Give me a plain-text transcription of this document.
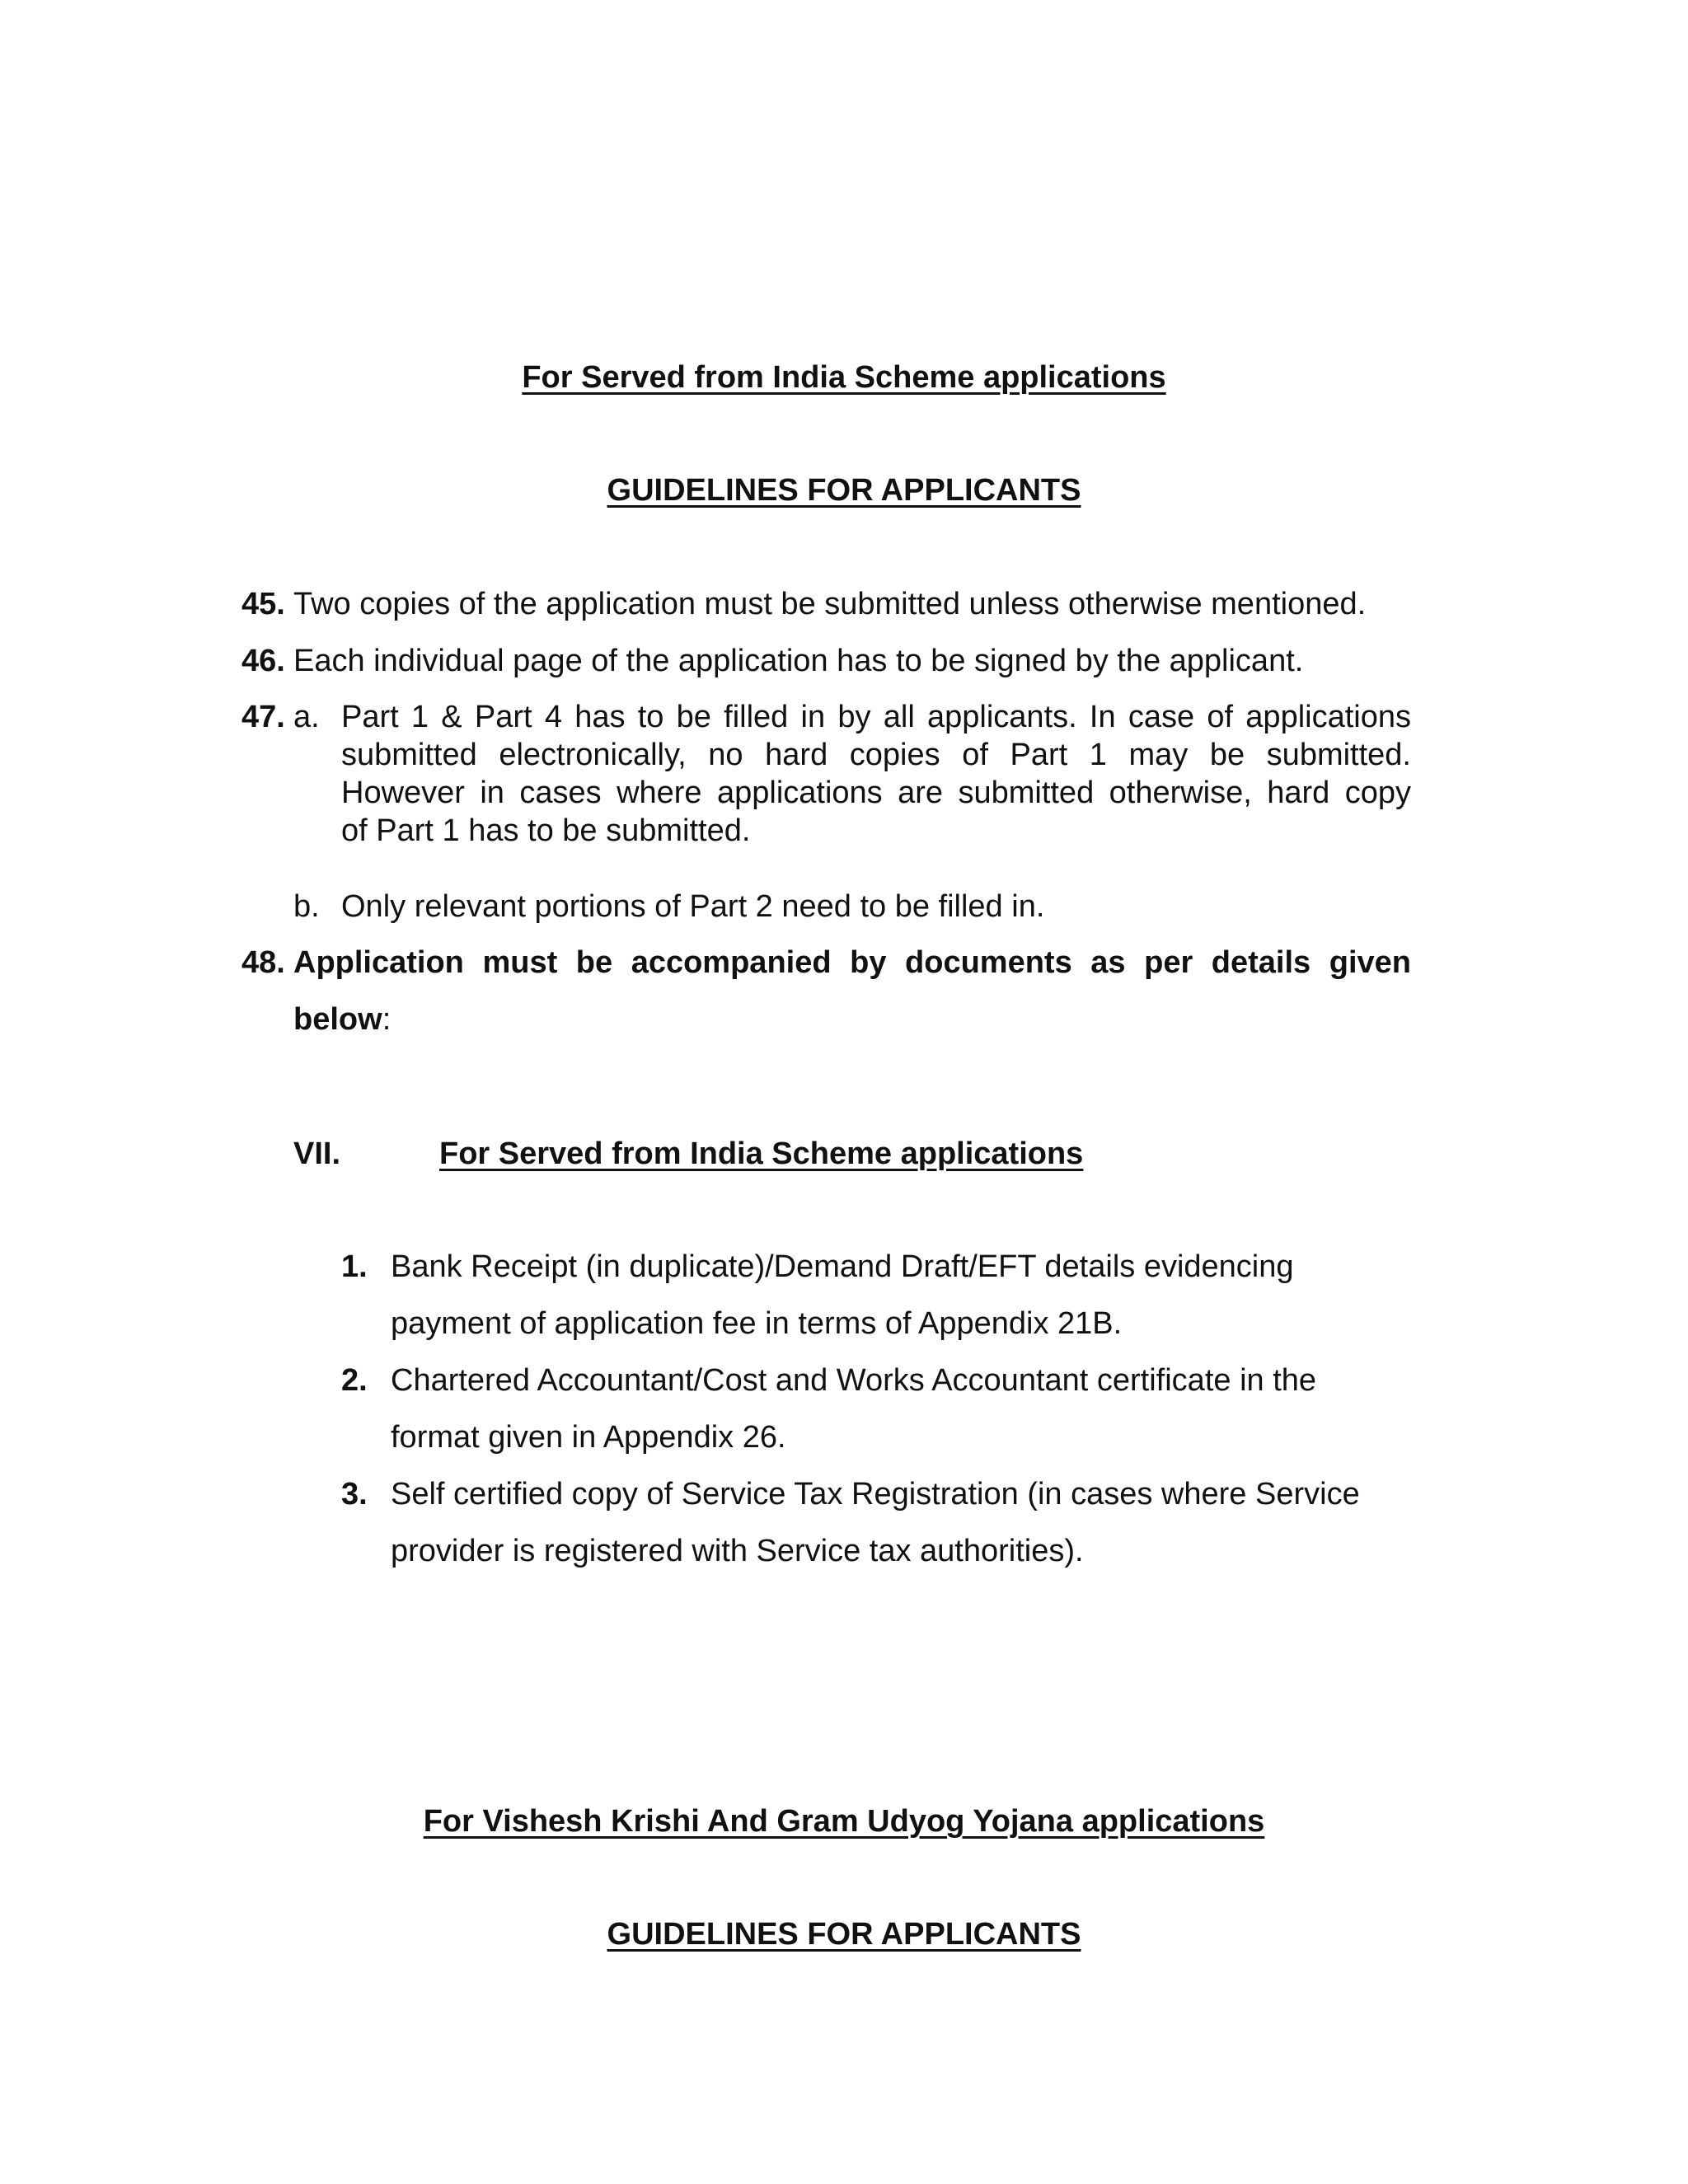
For Served from India Scheme applications
GUIDELINES FOR APPLICANTS
45. Two copies of the application must be submitted unless otherwise mentioned.
46. Each individual page of the application has to be signed by the applicant.
47. a. Part 1 & Part 4 has to be filled in by all applicants. In case of applications
submitted electronically, no hard copies of Part 1 may be submitted.
However in cases where applications are submitted otherwise, hard copy
of Part 1 has to be submitted.
b. Only relevant portions of Part 2 need to be filled in.
48. Application must be accompanied by documents as per details given
below:
VII.	For Served from India Scheme applications
1. Bank Receipt (in duplicate)/Demand Draft/EFT details evidencing
payment of application fee in terms of Appendix 21B.
2. Chartered Accountant/Cost and Works Accountant certificate in the
format given in Appendix 26.
3. Self certified copy of Service Tax Registration (in cases where Service
provider is registered with Service tax authorities).
For Vishesh Krishi And Gram Udyog Yojana applications
GUIDELINES FOR APPLICANTS
